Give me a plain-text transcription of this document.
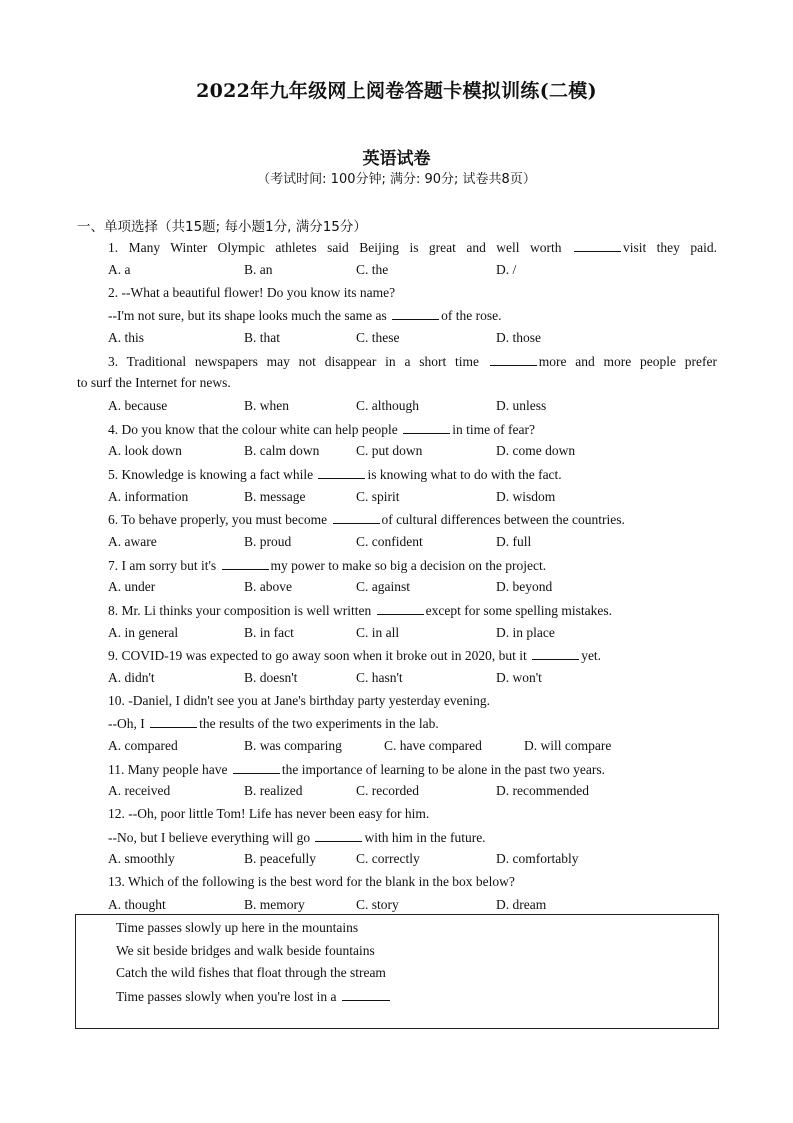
2022年九年级网上阅卷答题卡模拟训练(二模)
英语试卷
（考试时间: 100分钟; 满分: 90分; 试卷共8页）
一、单项选择（共15题; 每小题1分, 满分15分）
1. Many Winter Olympic athletes said Beijing is great and well worth	visit they paid.
A. a	B. an	C. the	D. /
2. --What a beautiful flower! Do you know its name?
--I'm not sure, but its shape looks much the same as	of the rose.
A. this	B. that	C. these	D. those
3. Traditional newspapers may not disappear in a short time	more and more people prefer
to surf the Internet for news.
A. because	B. when	C. although	D. unless
4. Do you know that the colour white can help people	in time of fear?
A. look down	B. calm down	C. put down	D. come down
5. Knowledge is knowing a fact while	is knowing what to do with the fact.
A. information	B. message	C. spirit	D. wisdom
6. To behave properly, you must become	of cultural differences between the countries.
A. aware	B. proud	C. confident	D. full
7. I am sorry but it's	my power to make so big a decision on the project.
A. under	B. above	C. against	D. beyond
8. Mr. Li thinks your composition is well written	except for some spelling mistakes.
A. in general	B. in fact	C. in all	D. in place
9. COVID-19 was expected to go away soon when it broke out in 2020, but it	yet.
A. didn't	B. doesn't	C. hasn't	D. won't
10. -Daniel, I didn't see you at Jane's birthday party yesterday evening.
--Oh, I	the results of the two experiments in the lab.
A. compared	B. was comparing	C. have compared	D. will compare
11. Many people have	the importance of learning to be alone in the past two years.
A. received	B. realized	C. recorded	D. recommended
12. --Oh, poor little Tom! Life has never been easy for him.
--No, but I believe everything will go	with him in the future.
A. smoothly	B. peacefully	C. correctly	D. comfortably
13. Which of the following is the best word for the blank in the box below?
A. thought	B. memory	C. story	D. dream
Time passes slowly up here in the mountains
We sit beside bridges and walk beside fountains
Catch the wild fishes that float through the stream
Time passes slowly when you're lost in a
